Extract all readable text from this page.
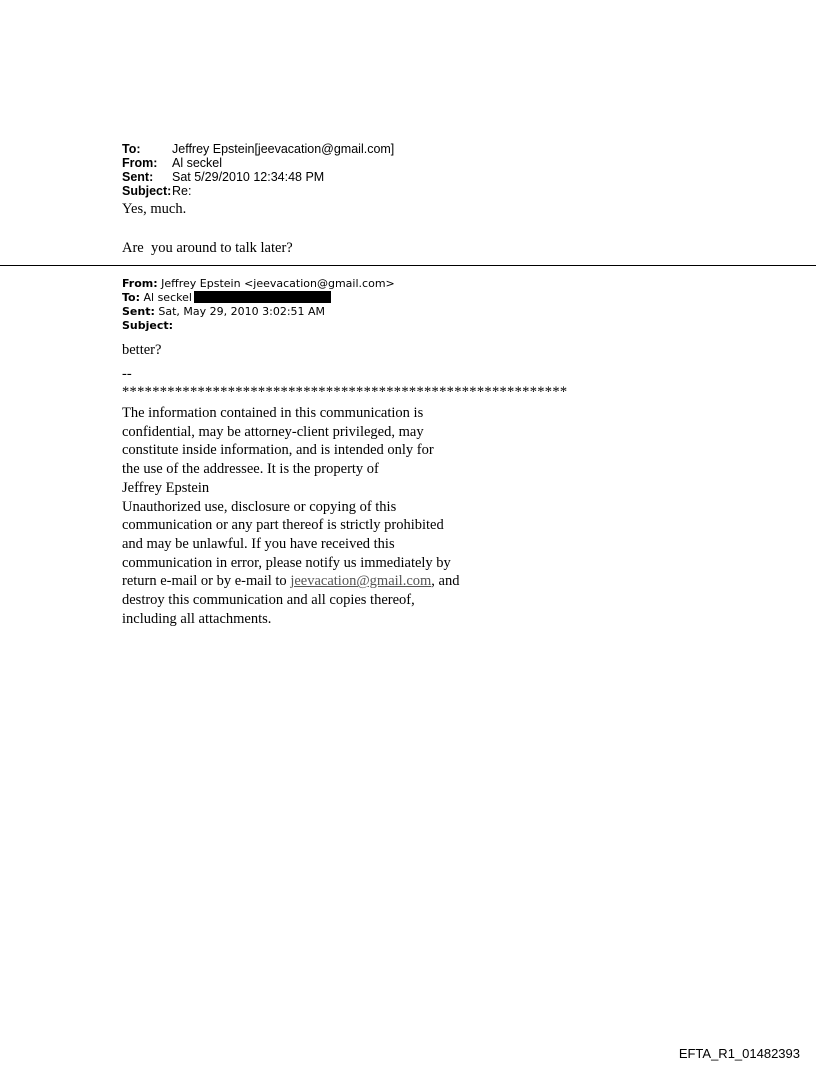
To:	Jeffrey Epstein[jeevacation@gmail.com]
From:	Al seckel
Sent:	Sat 5/29/2010 12:34:48 PM
Subject: Re:

Yes, much.

Are  you around to talk later?

From: Jeffrey Epstein <jeevacation@gmail.com>
To: Al seckel
Sent: Sat, May 29, 2010 3:02:51 AM
Subject:

better?

--

***********************************************************

The information contained in this communication is
confidential, may be attorney-client privileged, may
constitute inside information, and is intended only for
the use of the addressee. It is the property of
Jeffrey Epstein
Unauthorized use, disclosure or copying of this
communication or any part thereof is strictly prohibited
and may be unlawful. If you have received this
communication in error, please notify us immediately by
return e-mail or by e-mail to jeevacation@gmail.com, and
destroy this communication and all copies thereof,
including all attachments.
EFTA_R1_01482393
